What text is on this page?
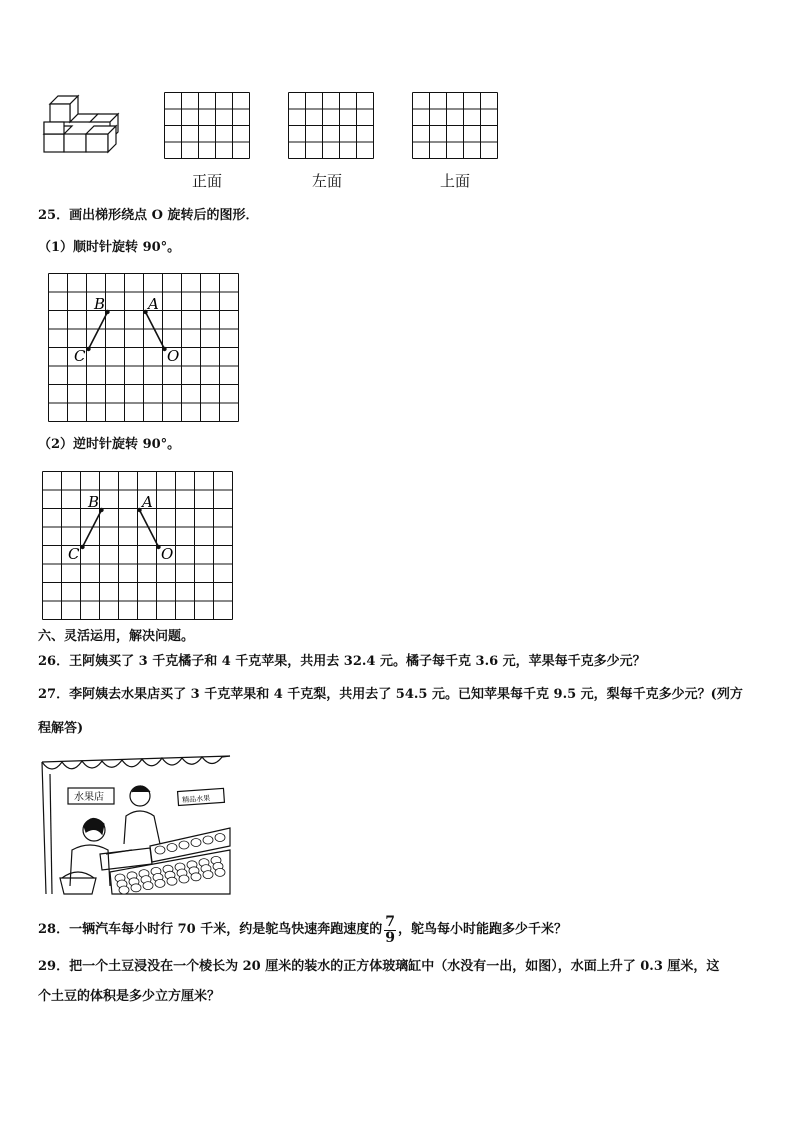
正面	左面	上面
25．画出梯形绕点 O 旋转后的图形．
（1）顺时针旋转 90°。
B	A
C	O
（2）逆时针旋转 90°。
B	A
C	O
六、灵活运用，解决问题。
26．王阿姨买了 3 千克橘子和 4 千克苹果，共用去 32.4 元。橘子每千克 3.6 元，苹果每千克多少元？
27．李阿姨去水果店买了 3 千克苹果和 4 千克梨，共用去了 54.5 元。已知苹果每千克 9.5 元，梨每千克多少元？(列方
程解答)
水果店	精品水果
28．一辆汽车每小时行 70 千米，约是鸵鸟快速奔跑速度的 $\frac{7}{9}$ ，鸵鸟每小时能跑多少千米？
29．把一个土豆浸没在一个棱长为 20 厘米的装水的正方体玻璃缸中（水没有一出，如图），水面上升了 0.3 厘米，这
个土豆的体积是多少立方厘米？
